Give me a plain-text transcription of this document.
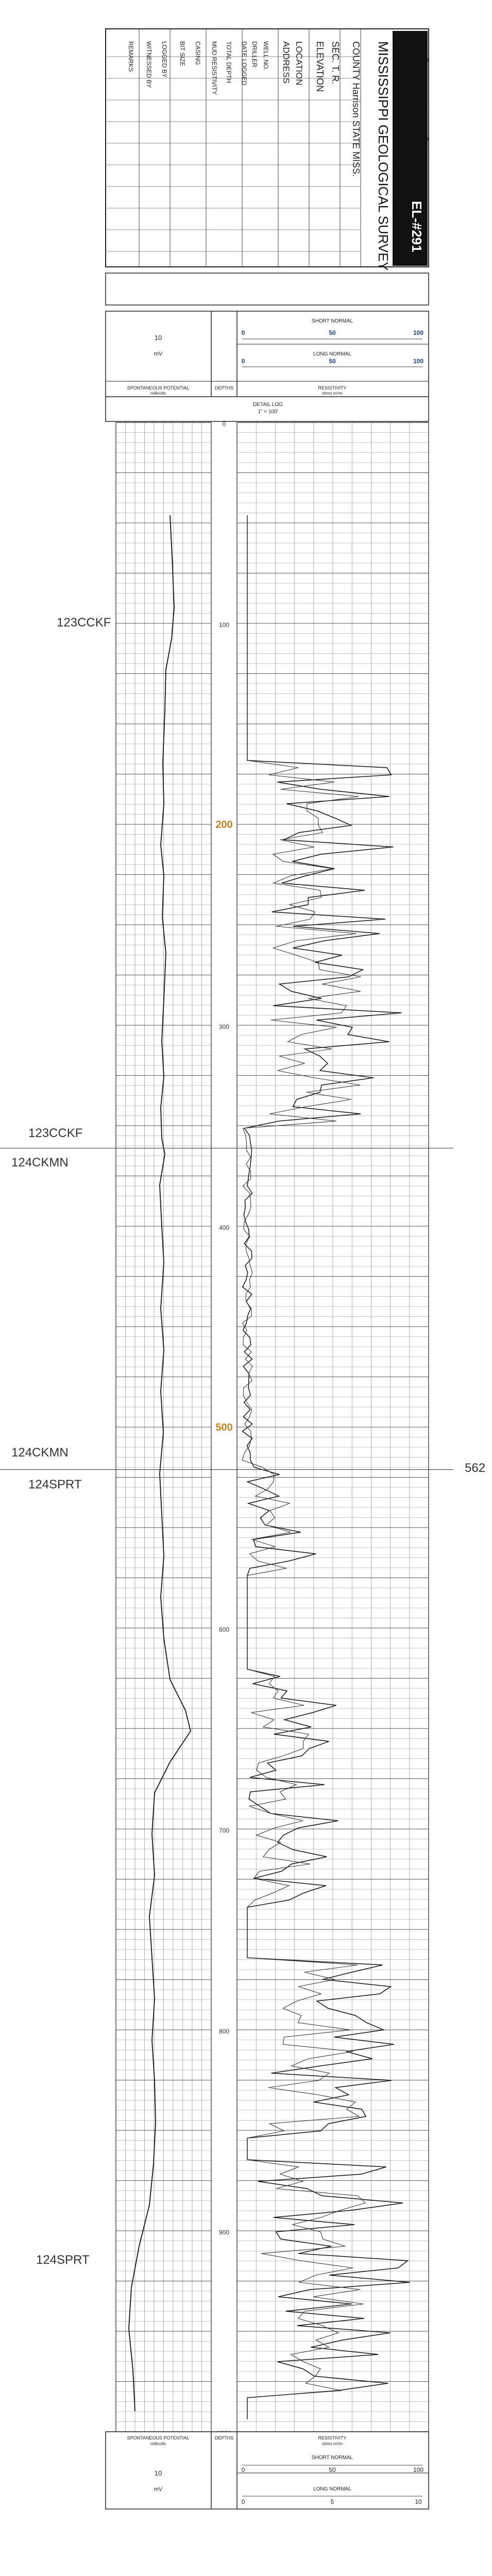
Electrical Log
MISSISSIPPI GEOLOGICAL SURVEY EL-#291
COUNTY Harrison STATE MISS.
SEC. T. R.
ELEVATION
LOCATION
ADDRESS
WELL NO.
DRILLER
DATE LOGGED
TOTAL DEPTH
MUD RESISTIVITY
CASING
BIT SIZE
LOGGED BY
WITNESSED BY
REMARKS
10
mV
SPONTANEOUS POTENTIAL
millivolts
DEPTHS
SHORT NORMAL
LONG NORMAL
0
0
50
50
100
100
RESISTIVITY
ohms m²/m
DETAIL LOG
1" = 100'
0
100
200
300
400
500
600
700
800
900
SPONTANEOUS POTENTIAL
millivolts
10
mV
DEPTHS	RESISTIVITY
ohms m²/m
SHORT NORMAL
LONG NORMAL
0	50	100
0	5	10
123CCKF
123CCKF
124CKMN
124CKMN
562
124SPRT
124SPRT
